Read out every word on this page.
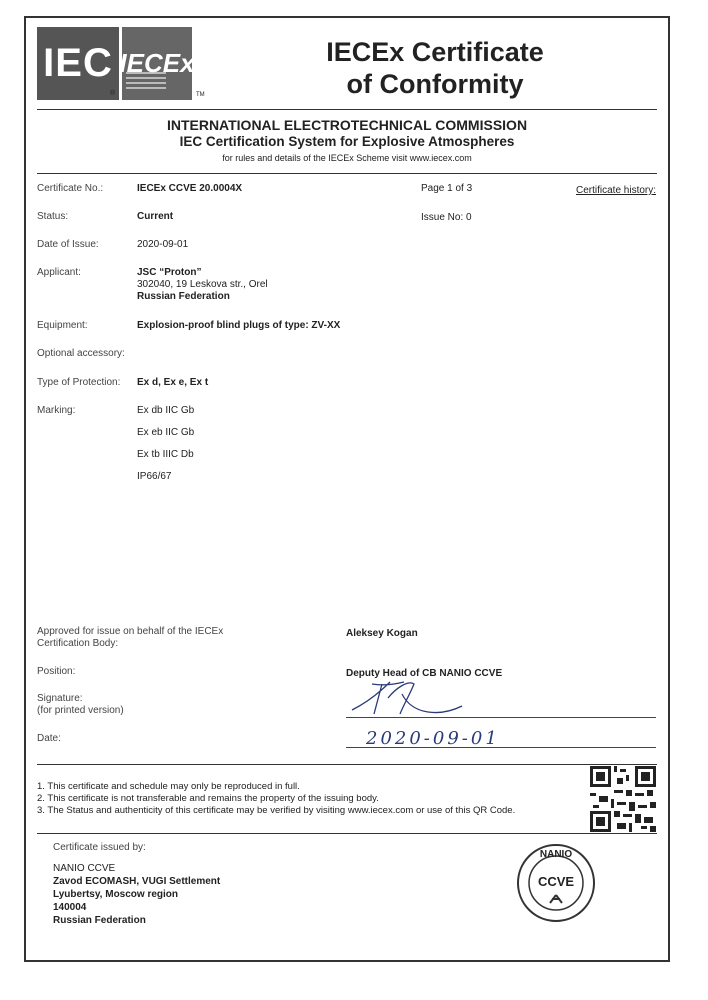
IEC IECEx
®	TM
IECEx Certificate
of Conformity
INTERNATIONAL ELECTROTECHNICAL COMMISSION
IEC Certification System for Explosive Atmospheres
for rules and details of the IECEx Scheme visit www.iecex.com
Certificate No.:	IECEx CCVE 20.0004X	Page 1 of 3	Certificate history:
Status:	Current	Issue No: 0
Date of Issue:	2020-09-01
Applicant:	JSC “Proton”
302040, 19 Leskova str., Orel
Russian Federation
Equipment:	Explosion-proof blind plugs of type: ZV-XX
Optional accessory:
Type of Protection: Ex d, Ex e, Ex t
Marking:	Ex db IIC Gb
Ex eb IIC Gb
Ex tb IIIC Db
IP66/67
Approved for issue on behalf of the IECEx
Certification Body:
Aleksey Kogan
Position:	Deputy Head of CB NANIO CCVE
Signature:
(for printed version)
Date:	2020-09-01
1. This certificate and schedule may only be reproduced in full.
2. This certificate is not transferable and remains the property of the issuing body.
3. The Status and authenticity of this certificate may be verified by visiting www.iecex.com or use of this QR Code.
Certificate issued by:
NANIO CCVE
Zavod ECOMASH, VUGI Settlement
Lyubertsy, Moscow region
140004
Russian Federation
NANIO
CCVE
